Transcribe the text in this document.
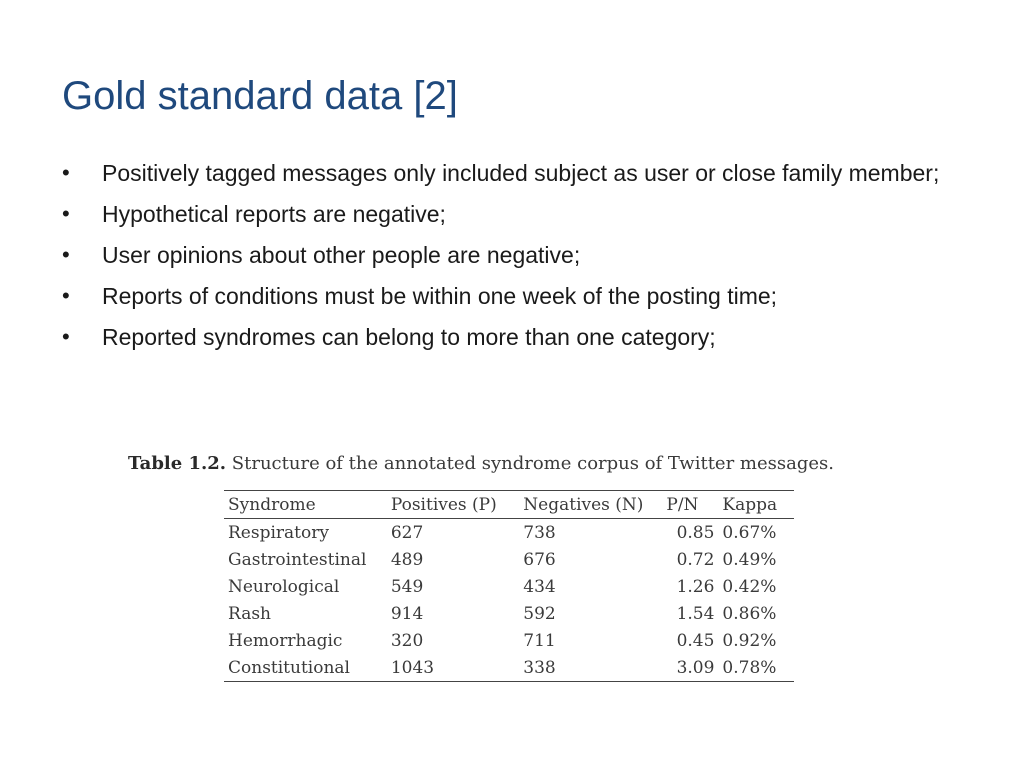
Gold standard data [2]
•	Positively tagged messages only included subject as user or close family member;
•	Hypothetical reports are negative;
•	User opinions about other people are negative;
•	Reports of conditions must be within one week of the posting time;
•	Reported syndromes can belong to more than one category;
Table 1.2. Structure of the annotated syndrome corpus of Twitter messages.
Syndrome	Positives (P)	Negatives (N)	P/N	Kappa
Respiratory	627	738	0.85	0.67%
Gastrointestinal	489	676	0.72	0.49%
Neurological	549	434	1.26	0.42%
Rash	914	592	1.54	0.86%
Hemorrhagic	320	711	0.45	0.92%
Constitutional	1043	338	3.09	0.78%
